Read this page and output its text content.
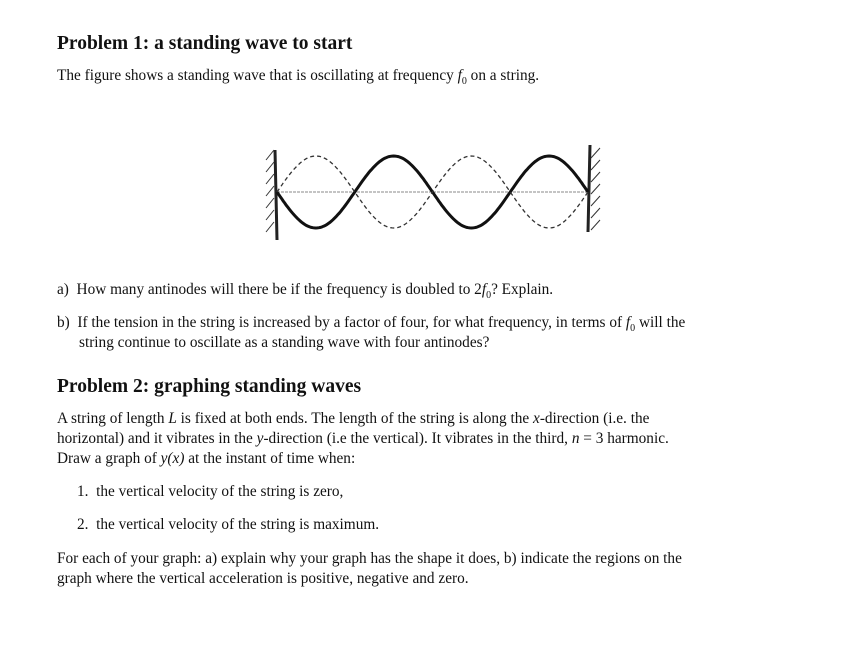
Problem 1: a standing wave to start

The figure shows a standing wave that is oscillating at frequency $f_0$ on a string.

a) How many antinodes will there be if the frequency is doubled to $2f_0$? Explain.

b) If the tension in the string is increased by a factor of four, for what frequency, in terms of $f_0$ will the

string continue to oscillate as a standing wave with four antinodes?

Problem 2: graphing standing waves

A string of length L is fixed at both ends. The length of the string is along the x-direction (i.e. the

horizontal) and it vibrates in the y-direction (i.e the vertical). It vibrates in the third, n = 3 harmonic.

Draw a graph of y(x) at the instant of time when:

1. the vertical velocity of the string is zero,

2. the vertical velocity of the string is maximum.

For each of your graph: a) explain why your graph has the shape it does, b) indicate the regions on the

graph where the vertical acceleration is positive, negative and zero.
